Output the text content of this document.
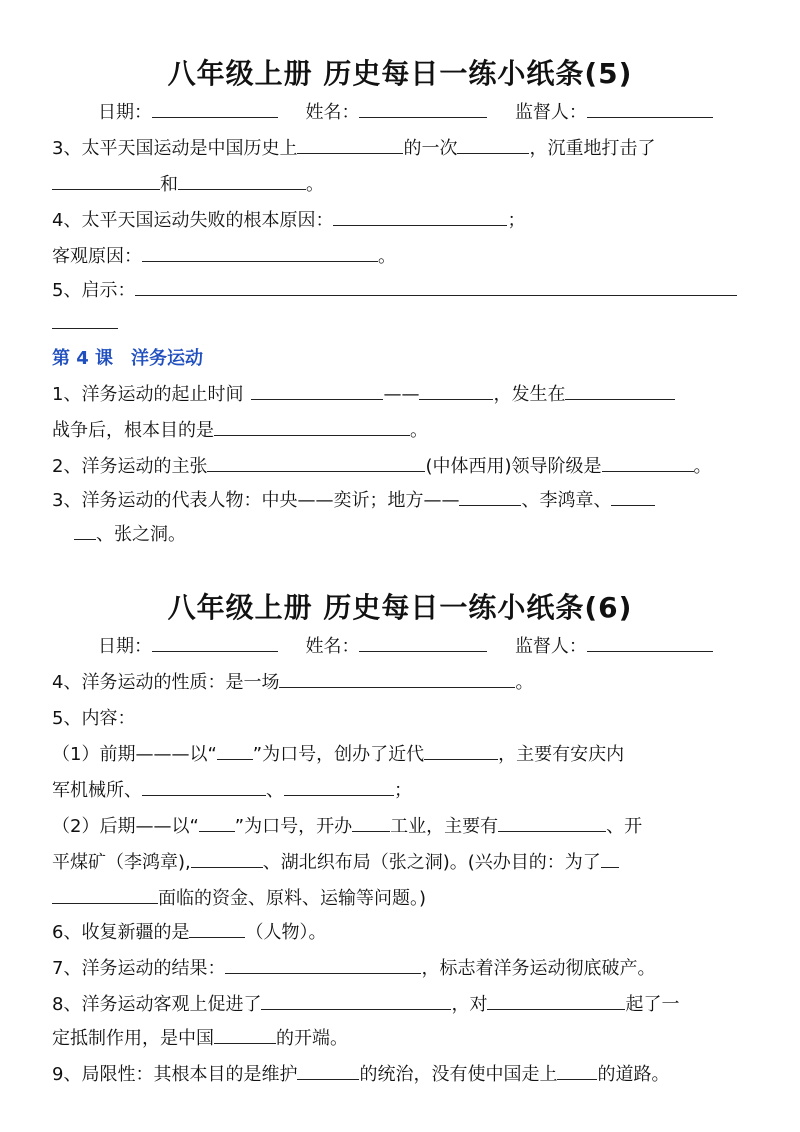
八年级上册 历史每日一练小纸条(5)
日期：	姓名：	监督人：
3、太平天国运动是中国历史上	的一次	，沉重地打击了
和	。
4、太平天国运动失败的根本原因：	；
客观原因：	。
5、启示：
第 4 课　洋务运动
1、洋务运动的起止时间	——	，发生在
战争后，根本目的是	。
2、洋务运动的主张	(中体西用)领导阶级是	。
3、洋务运动的代表人物：中央——奕䜣；地方——	、李鸿章、
、张之洞。
八年级上册 历史每日一练小纸条(6)
日期：	姓名：	监督人：
4、洋务运动的性质：是一场	。
5、内容：
（1）前期———以“ ”为口号，创办了近代	，主要有安庆内
军机械所、	、	；
（2）后期——以“ ”为口号，开办 工业，主要有	、开
平煤矿（李鸿章),	、湖北织布局（张之洞)。(兴办目的：为了
面临的资金、原料、运输等问题。)
6、收复新疆的是	（人物）。
7、洋务运动的结果：	，标志着洋务运动彻底破产。
8、洋务运动客观上促进了	，对	起了一
定抵制作用，是中国	的开端。
9、局限性：其根本目的是维护	的统治，没有使中国走上 的道路。
